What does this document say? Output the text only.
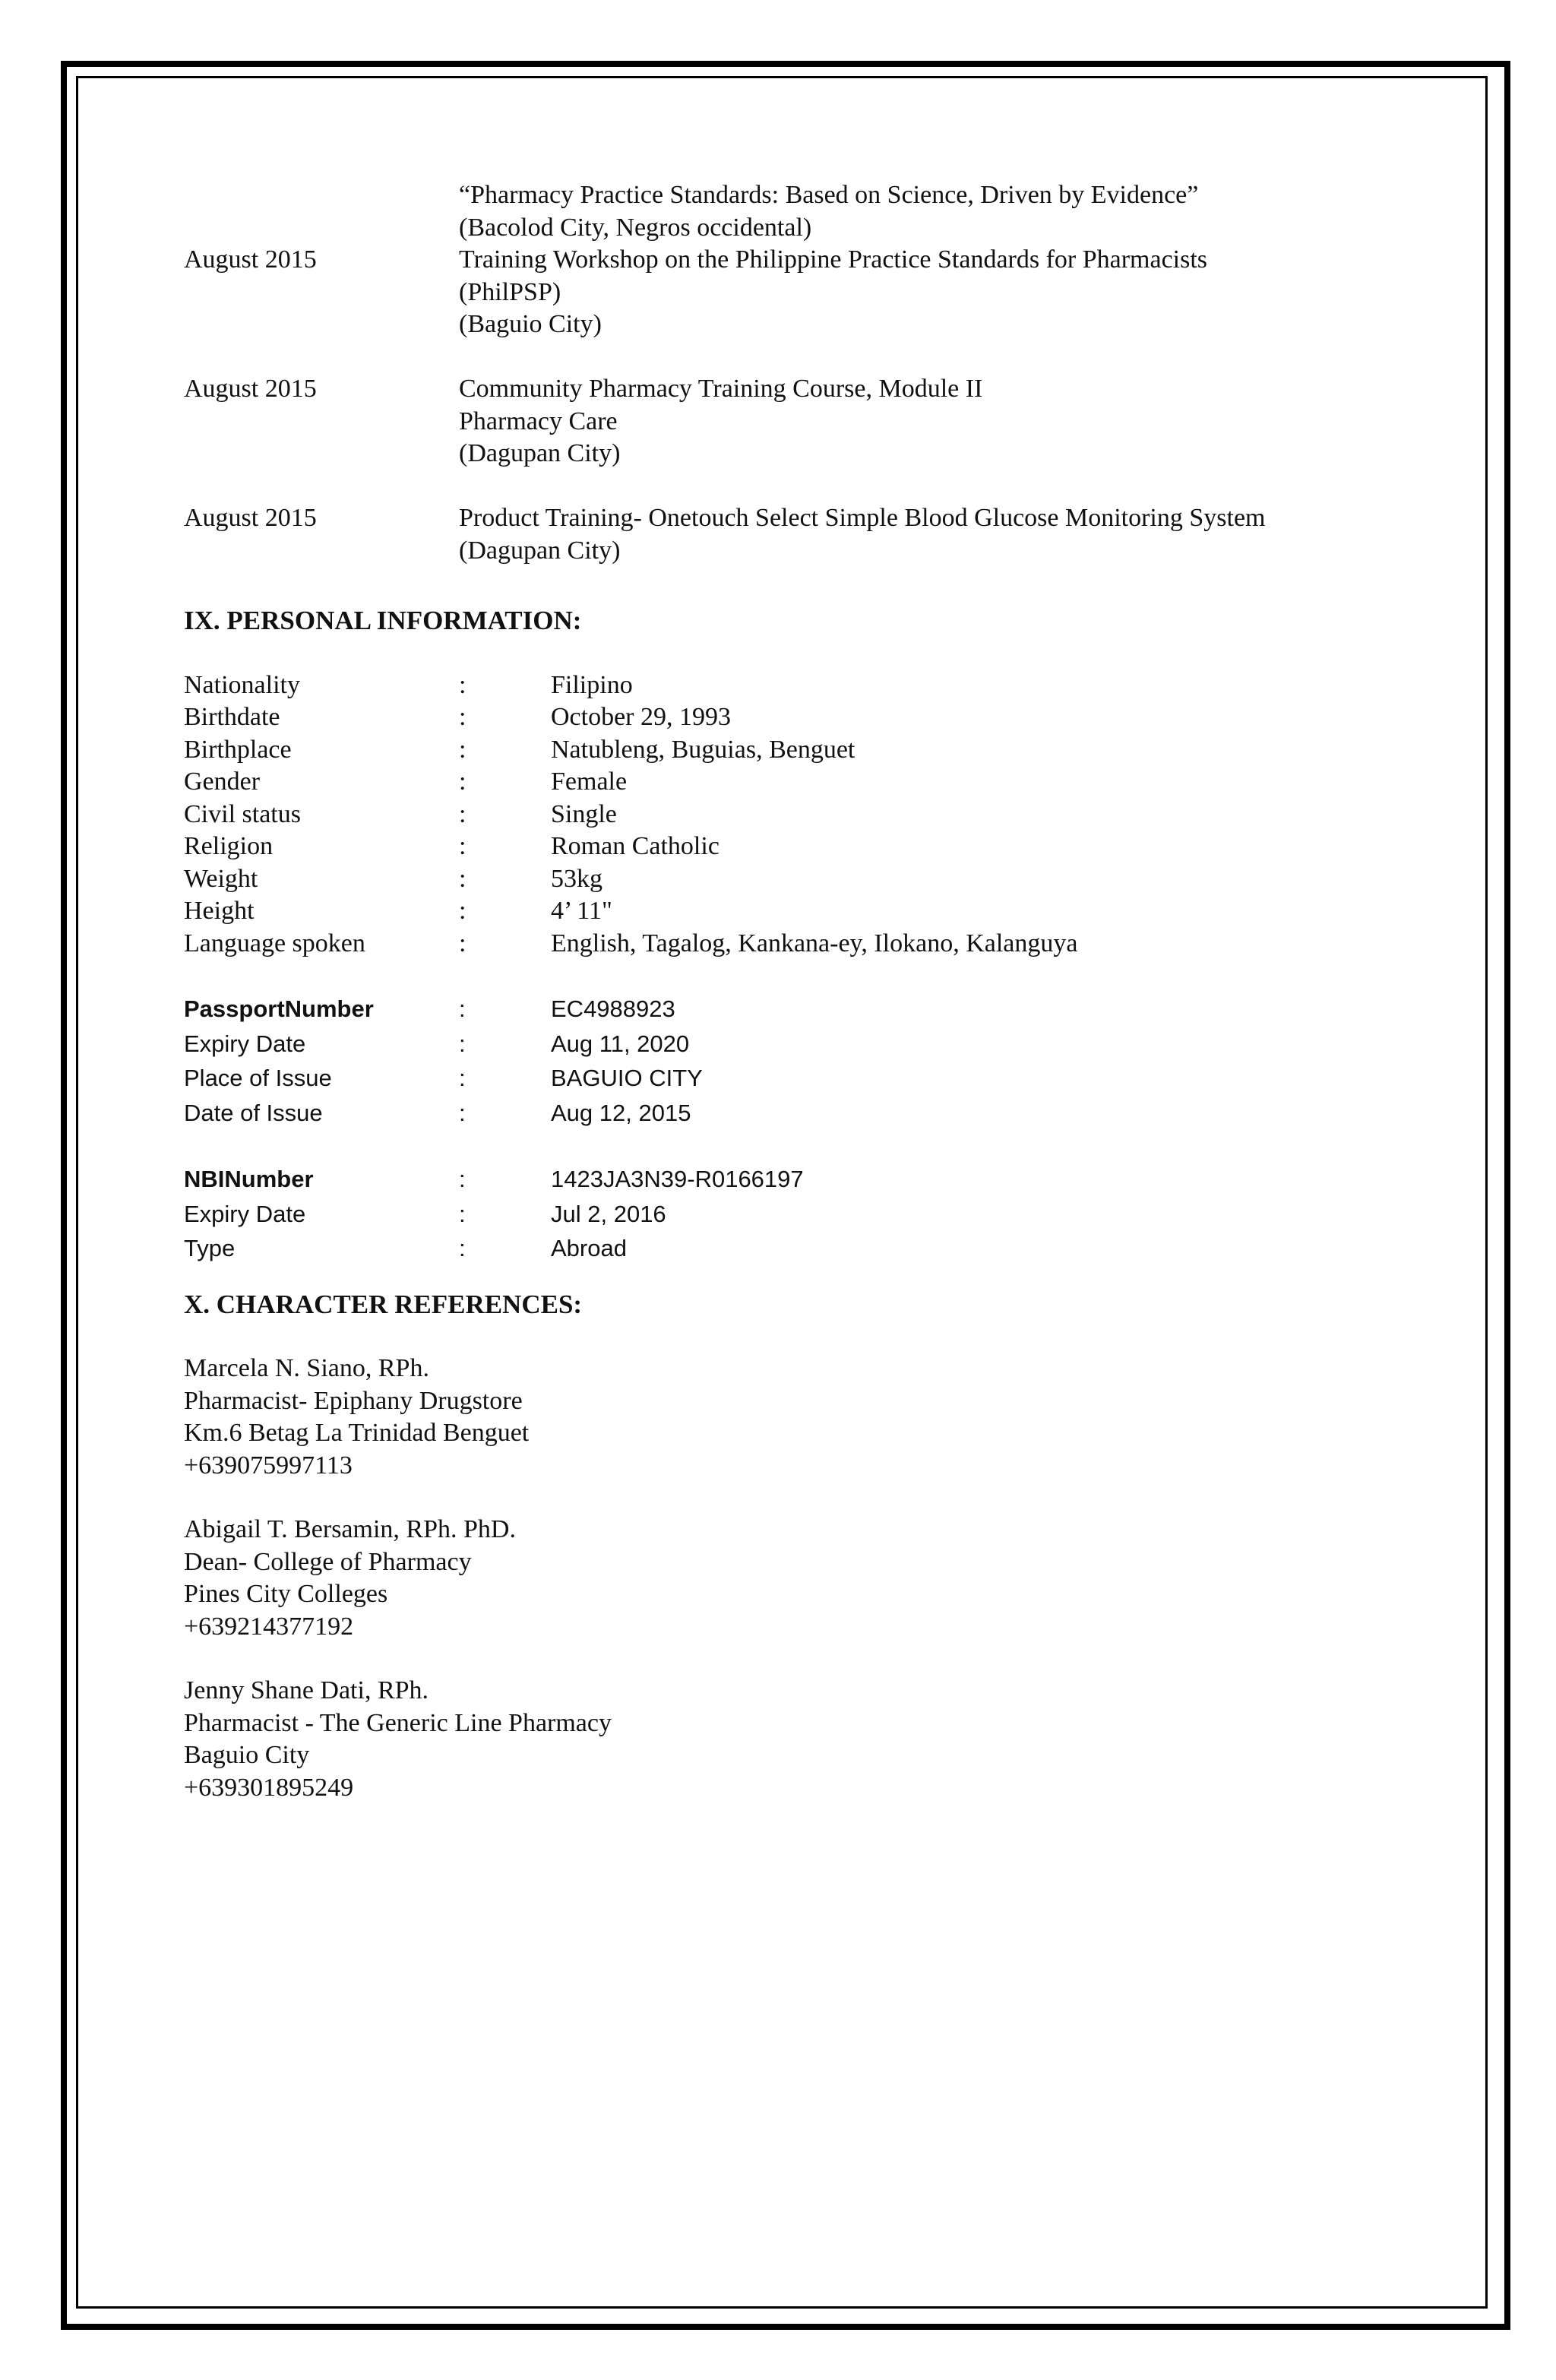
“Pharmacy Practice Standards: Based on Science, Driven by Evidence”
(Bacolod City, Negros occidental)
August 2015	Training Workshop on the Philippine Practice Standards for Pharmacists
(PhilPSP)
(Baguio City)
August 2015	Community Pharmacy Training Course, Module II
Pharmacy Care
(Dagupan City)
August 2015	Product Training- Onetouch Select Simple Blood Glucose Monitoring System
(Dagupan City)
IX. PERSONAL INFORMATION:
Nationality	:	Filipino
Birthdate	:	October 29, 1993
Birthplace	:	Natubleng, Buguias, Benguet
Gender	:	Female
Civil status	:	Single
Religion	:	Roman Catholic
Weight	:	53kg
Height	:	4’ 11"
Language spoken	:	English, Tagalog, Kankana-ey, Ilokano, Kalanguya
PassportNumber	:	EC4988923
Expiry Date	:	Aug 11, 2020
Place of Issue	:	BAGUIO CITY
Date of Issue	:	Aug 12, 2015
NBINumber	:	1423JA3N39-R0166197
Expiry Date	:	Jul 2, 2016
Type	:	Abroad
X. CHARACTER REFERENCES:
Marcela N. Siano, RPh.
Pharmacist- Epiphany Drugstore
Km.6 Betag La Trinidad Benguet
+639075997113
Abigail T. Bersamin, RPh. PhD.
Dean- College of Pharmacy
Pines City Colleges
+639214377192
Jenny Shane Dati, RPh.
Pharmacist - The Generic Line Pharmacy
Baguio City
+639301895249
